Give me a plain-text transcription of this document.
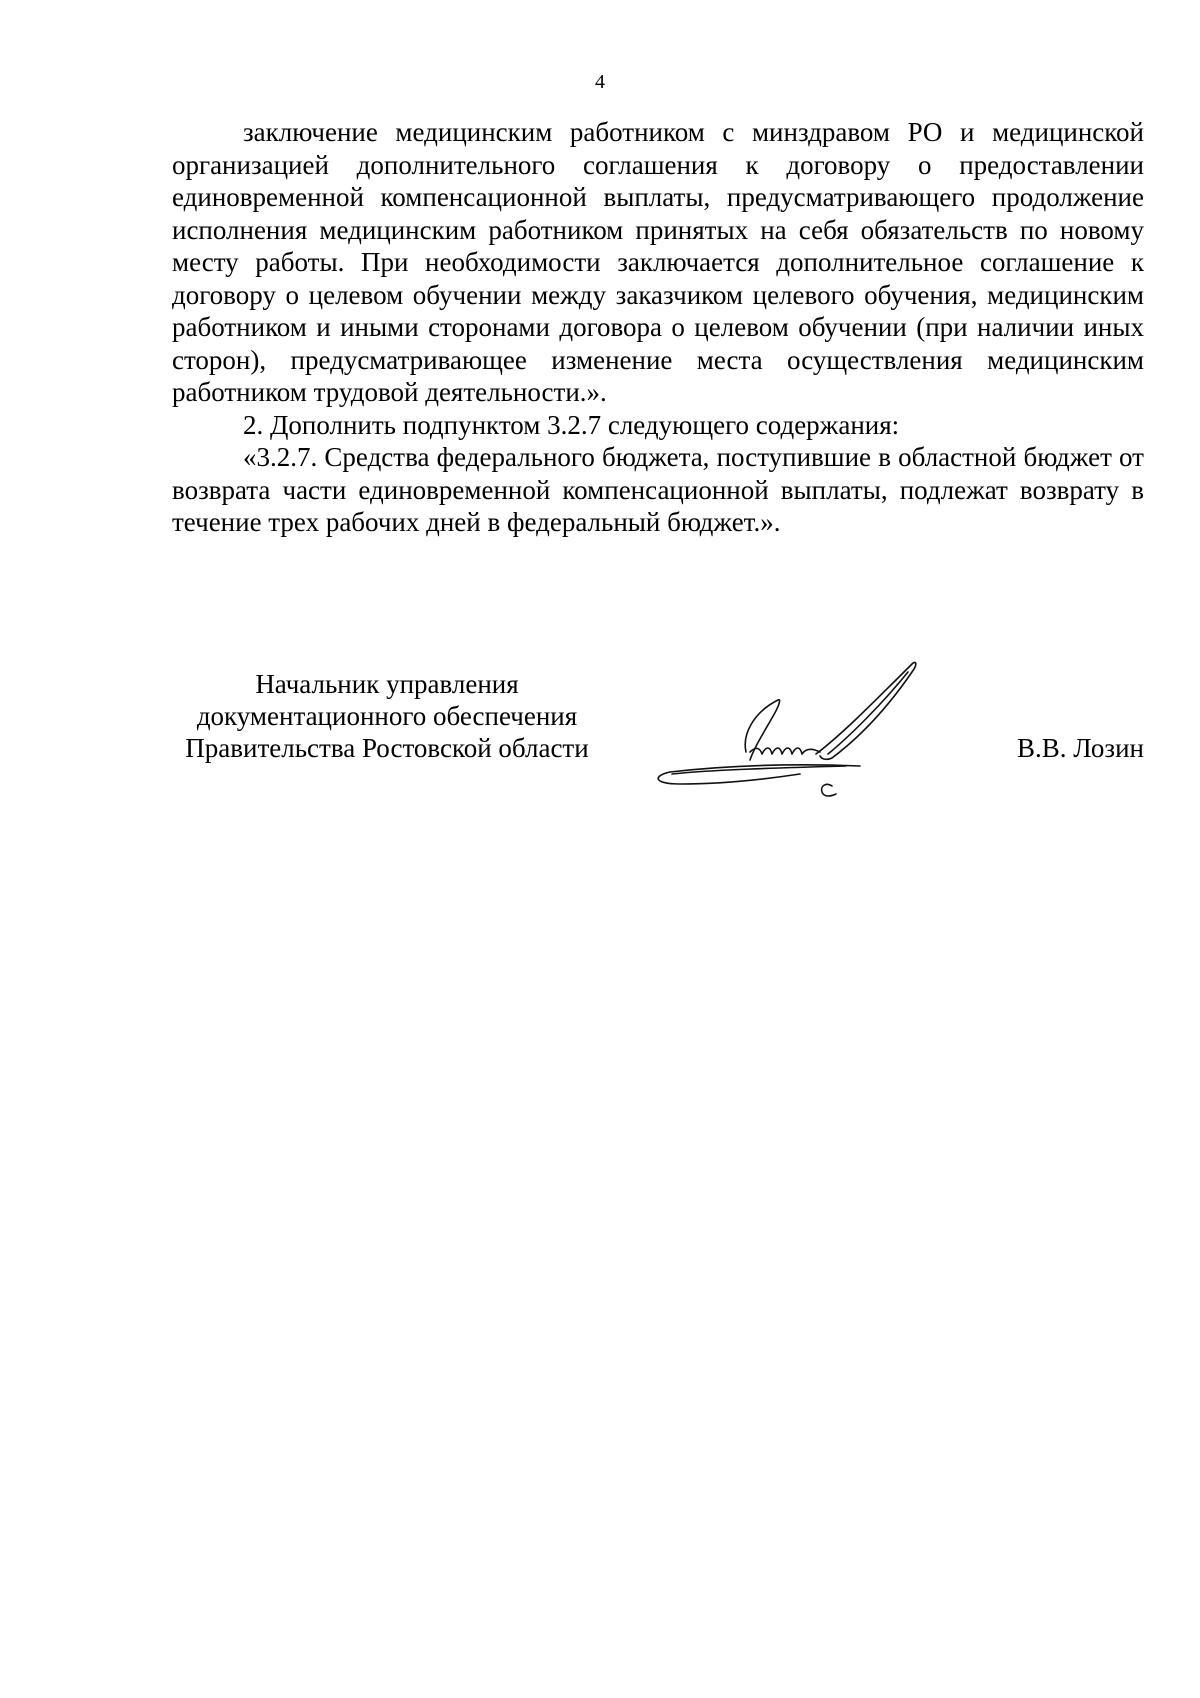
4

заключение медицинским работником с минздравом РО и медицинской организацией дополнительного соглашения к договору о предоставлении единовременной компенсационной выплаты, предусматривающего продолжение исполнения медицинским работником принятых на себя обязательств по новому месту работы. При необходимости заключается дополнительное соглашение к договору о целевом обучении между заказчиком целевого обучения, медицинским работником и иными сторонами договора о целевом обучении (при наличии иных сторон), предусматривающее изменение места осуществления медицинским работником трудовой деятельности.».

2. Дополнить подпунктом 3.2.7 следующего содержания:

«3.2.7. Средства федерального бюджета, поступившие в областной бюджет от возврата части единовременной компенсационной выплаты, подлежат возврату в течение трех рабочих дней в федеральный бюджет.».

Начальник управления
документационного обеспечения
Правительства Ростовской области	В.В. Лозин
